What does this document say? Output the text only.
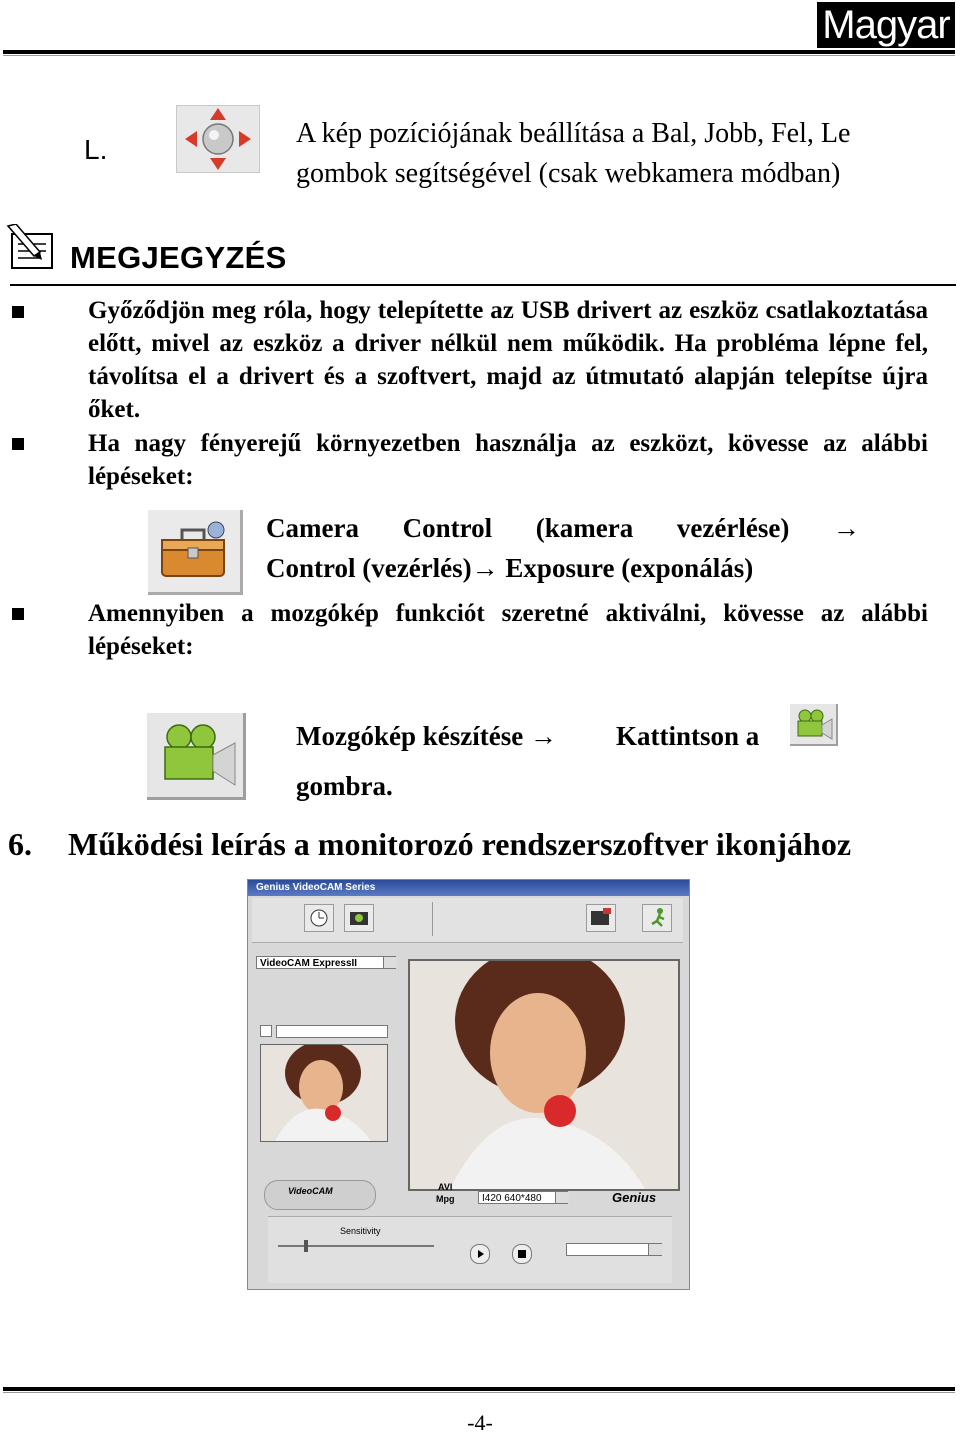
Magyar
L.
A kép pozíciójának beállítása a Bal, Jobb, Fel, Le gombok segítségével (csak webkamera módban)
MEGJEGYZÉS
Győződjön meg róla, hogy telepítette az USB drivert az eszköz csatlakoztatása előtt, mivel az eszköz a driver nélkül nem működik. Ha probléma lépne fel, távolítsa el a drivert és a szoftvert, majd az útmutató alapján telepítse újra őket.
Ha nagy fényerejű környezetben használja az eszközt, kövesse az alábbi lépéseket:
Camera Control (kamera vezérlése) →
Control (vezérlés)→ Exposure (exponálás)
Amennyiben a mozgókép funkciót szeretné aktiválni, kövesse az alábbi lépéseket:
Mozgókép készítése → Kattintson a
gombra.
6. Működési leírás a monitorozó rendszerszoftver ikonjához
Genius VideoCAM Series
VideoCAM ExpressII
VideoCAM	AVI
Mpg	I420 640*480	Genius
Sensitivity
-4-
